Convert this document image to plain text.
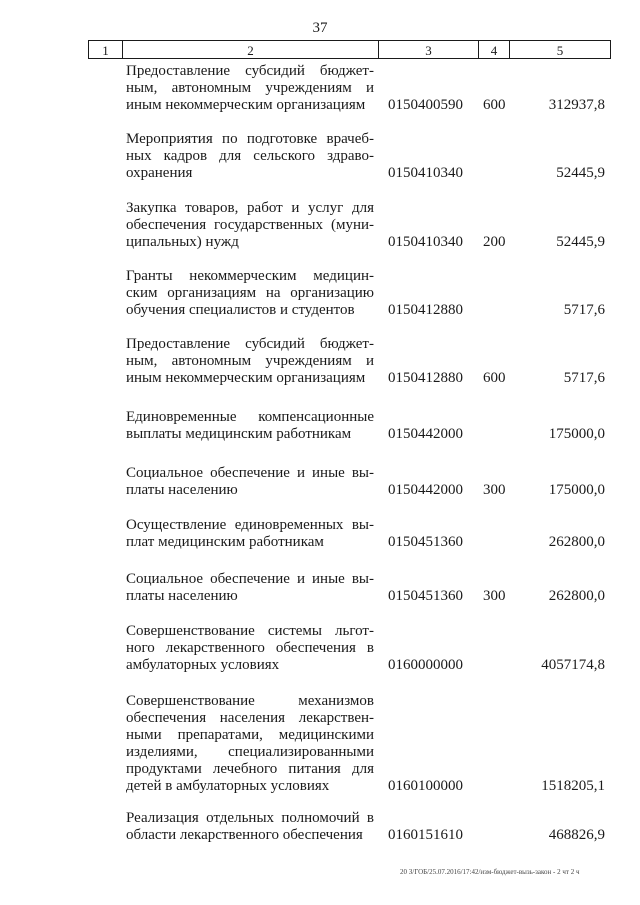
37
1	2	3	4	5
Предоставление субсидий бюджет-
ным, автономным учреждениям и
иным некоммерческим организациям	0150400590 600	312937,8
Мероприятия по подготовке врачеб-
ных кадров для сельского здраво-
охранения	0150410340	52445,9
Закупка товаров, работ и услуг для
обеспечения государственных (муни-
ципальных) нужд	0150410340 200	52445,9
Гранты некоммерческим медицин-
ским организациям на организацию
обучения специалистов и студентов	0150412880	5717,6
Предоставление субсидий бюджет-
ным, автономным учреждениям и
иным некоммерческим организациям	0150412880 600	5717,6
Единовременные компенсационные
выплаты медицинским работникам	0150442000	175000,0
Социальное обеспечение и иные вы-
платы населению	0150442000 300	175000,0
Осуществление единовременных вы-
плат медицинским работникам	0150451360	262800,0
Социальное обеспечение и иные вы-
платы населению	0150451360 300	262800,0
Совершенствование системы льгот-
ного лекарственного обеспечения в
амбулаторных условиях	0160000000	4057174,8
Совершенствование механизмов
обеспечения населения лекарствен-
ными препаратами, медицинскими
изделиями, специализированными
продуктами лечебного питания для
детей в амбулаторных условиях	0160100000	1518205,1
Реализация отдельных полномочий в
области лекарственного обеспечения	0160151610	468826,9
20 З/ГОБ/25.07.2016/17:42/изм-бюджет-вызь-закон - 2 чт 2 ч
